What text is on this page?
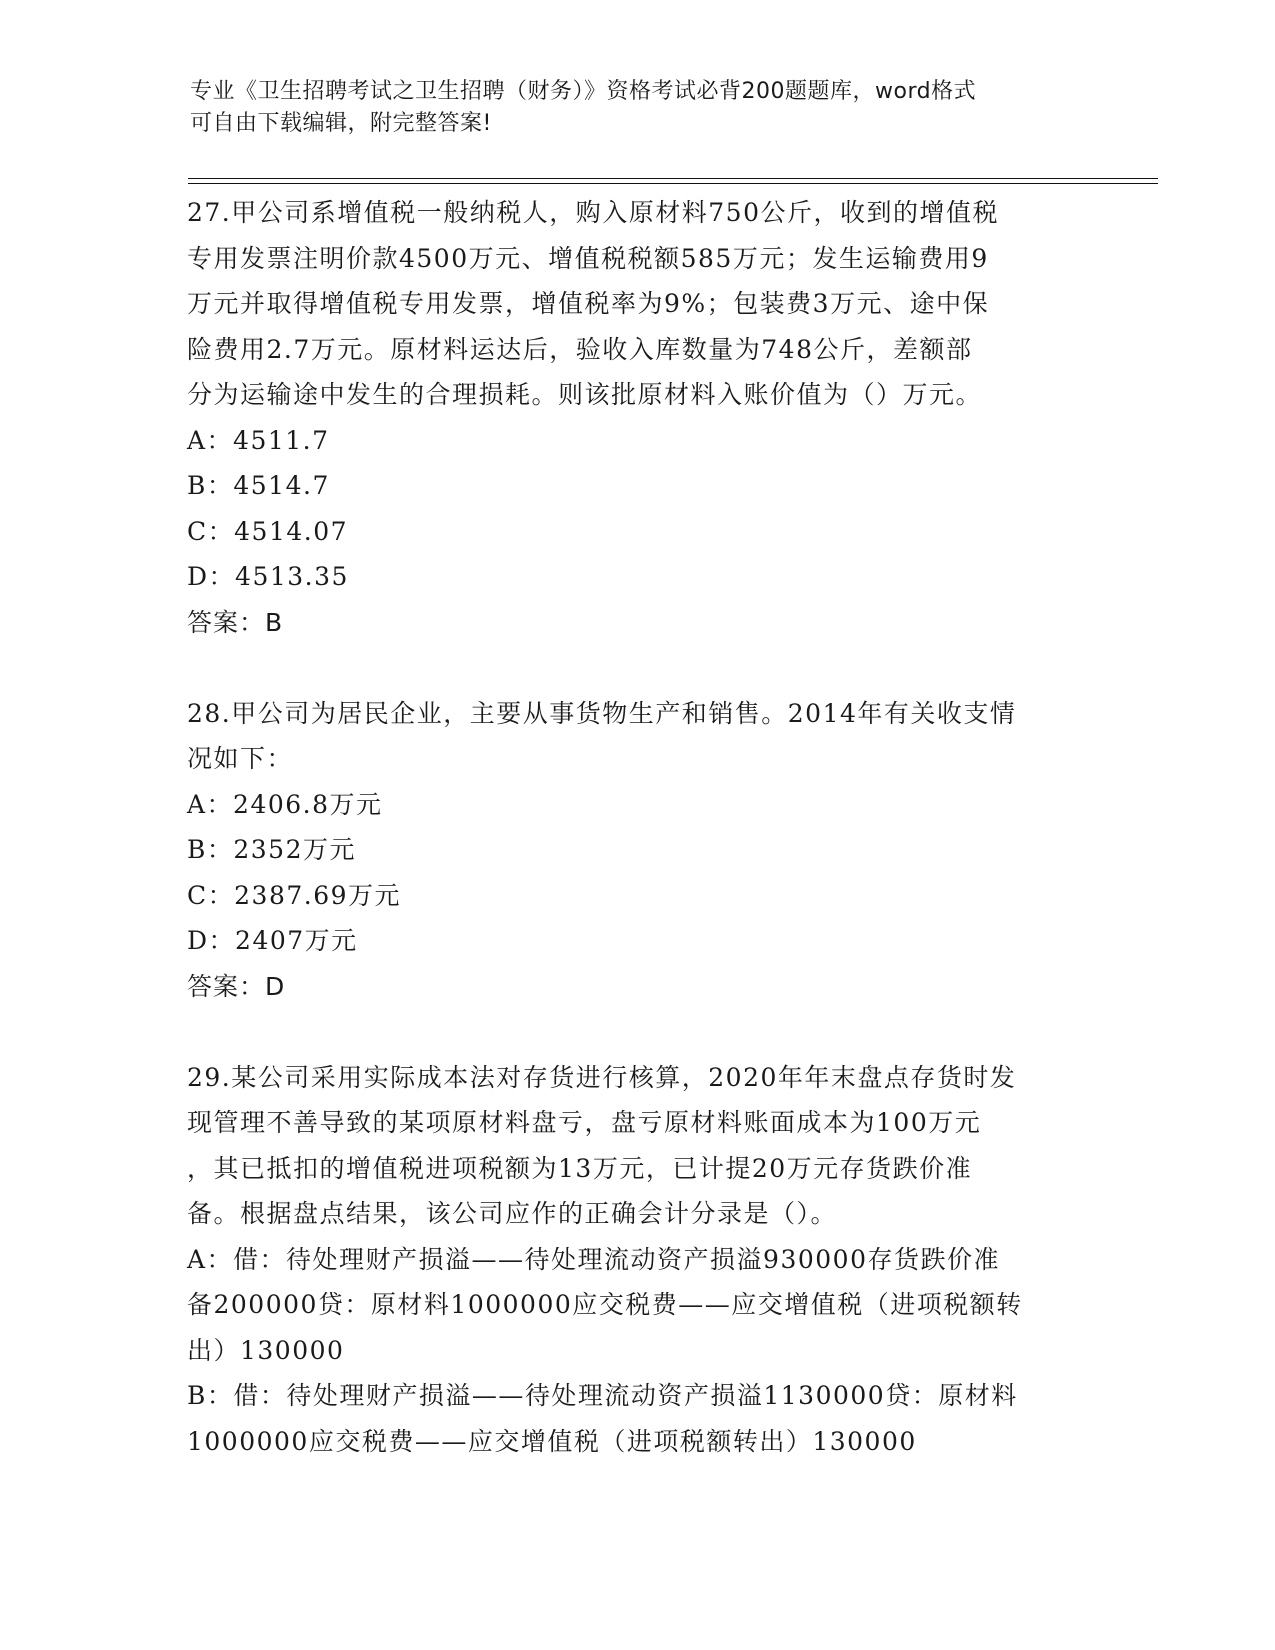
专业《卫生招聘考试之卫生招聘（财务）》资格考试必背200题题库，word格式
可自由下载编辑，附完整答案!

27.甲公司系增值税一般纳税人，购入原材料750公斤，收到的增值税

专用发票注明价款4500万元、增值税税额585万元；发生运输费用9

万元并取得增值税专用发票，增值税率为9%；包装费3万元、途中保

险费用2.7万元。原材料运达后，验收入库数量为748公斤，差额部

分为运输途中发生的合理损耗。则该批原材料入账价值为（）万元。

A：4511.7

B：4514.7

C：4514.07

D：4513.35

答案：B

28.甲公司为居民企业，主要从事货物生产和销售。2014年有关收支情

况如下：

A：2406.8万元

B：2352万元

C：2387.69万元

D：2407万元

答案：D

29.某公司采用实际成本法对存货进行核算，2020年年末盘点存货时发

现管理不善导致的某项原材料盘亏，盘亏原材料账面成本为100万元

，其已抵扣的增值税进项税额为13万元，已计提20万元存货跌价准

备。根据盘点结果，该公司应作的正确会计分录是（）。

A：借：待处理财产损溢——待处理流动资产损溢930000存货跌价准

备200000贷：原材料1000000应交税费——应交增值税（进项税额转

出）130000

B：借：待处理财产损溢——待处理流动资产损溢1130000贷：原材料

1000000应交税费——应交增值税（进项税额转出）130000
